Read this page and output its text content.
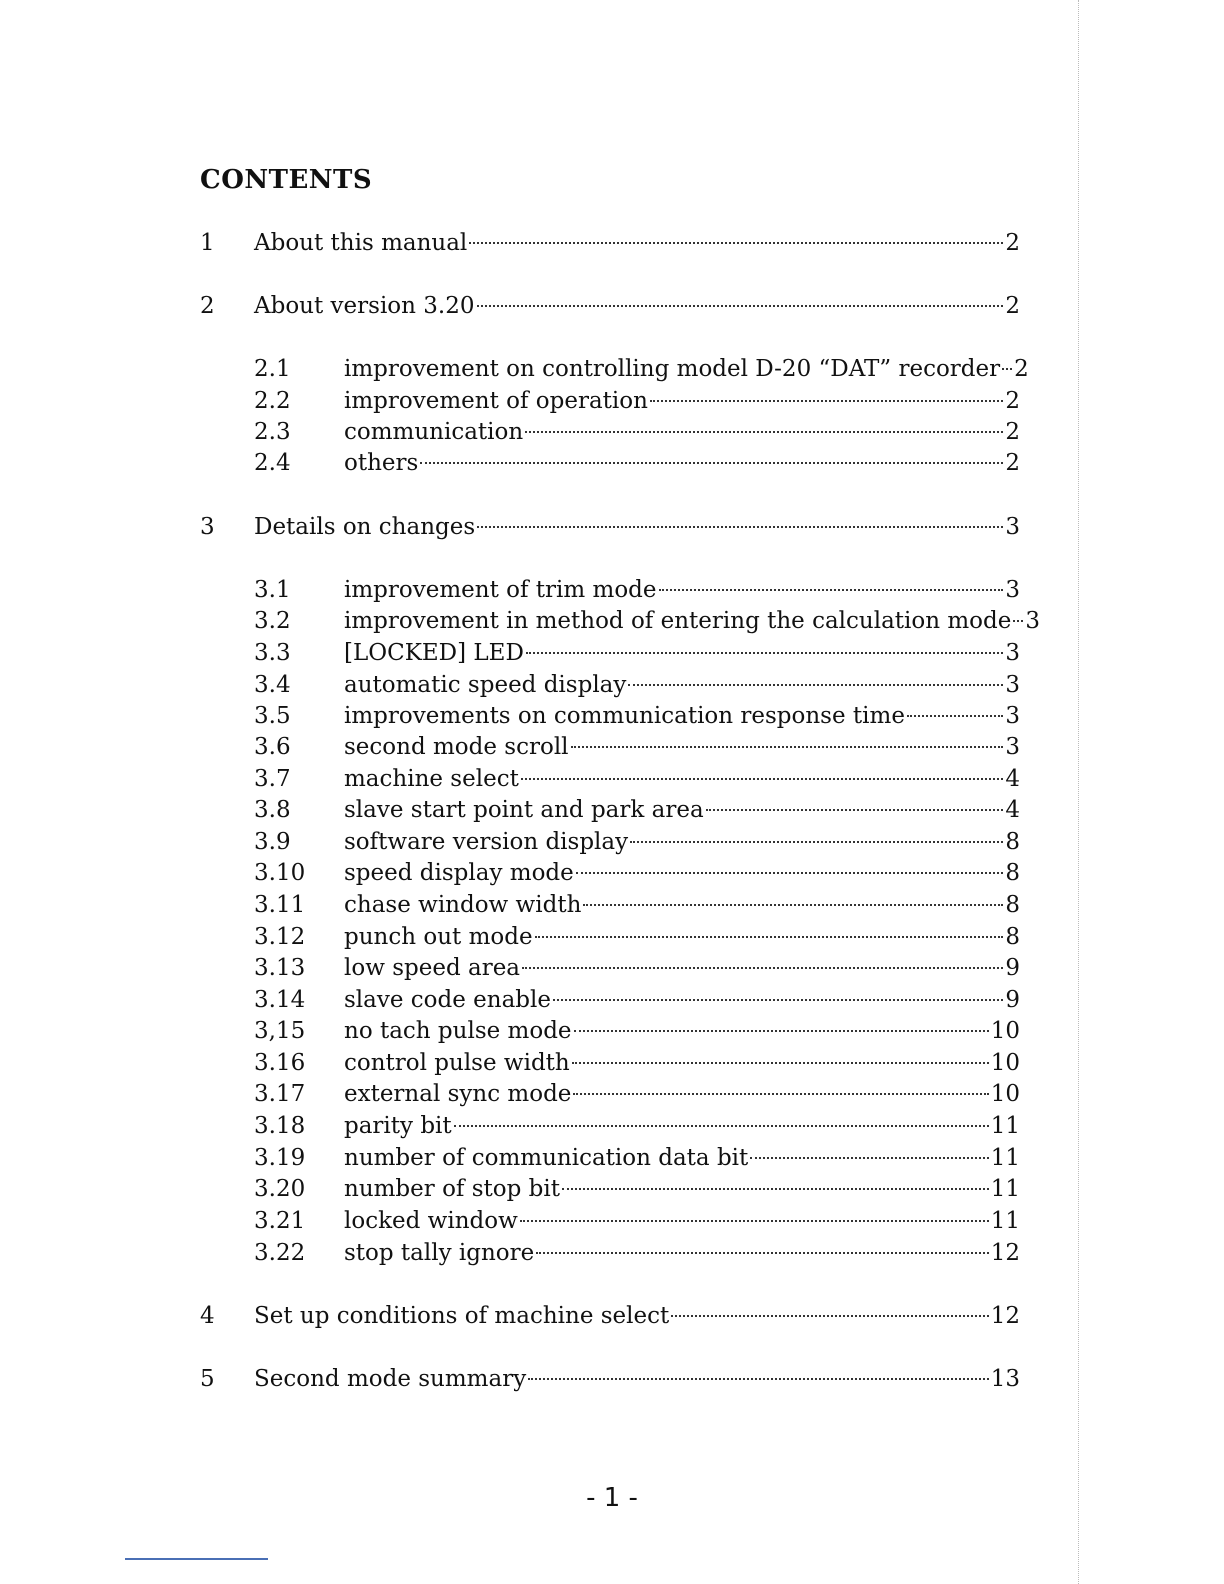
CONTENTS
1 About this manual	2
2 About version 3.20	2
2.1 improvement on controlling model D-20 “DAT” recorder 2
2.2 improvement of operation	2
2.3 communication	2
2.4 others	2
3 Details on changes	3
3.1 improvement of trim mode	3
3.2 improvement in method of entering the calculation mode 3
3.3 [LOCKED] LED	3
3.4 automatic speed display	3
3.5 improvements on communication response time	3
3.6 second mode scroll	3
3.7 machine select	4
3.8 slave start point and park area	4
3.9 software version display	8
3.10 speed display mode	8
3.11 chase window width	8
3.12 punch out mode	8
3.13 low speed area	9
3.14 slave code enable	9
3,15 no tach pulse mode	10
3.16 control pulse width	10
3.17 external sync mode	10
3.18 parity bit	11
3.19 number of communication data bit	11
3.20 number of stop bit	11
3.21 locked window	11
3.22 stop tally ignore	12
4 Set up conditions of machine select	12
5 Second mode summary	13
- 1 -
